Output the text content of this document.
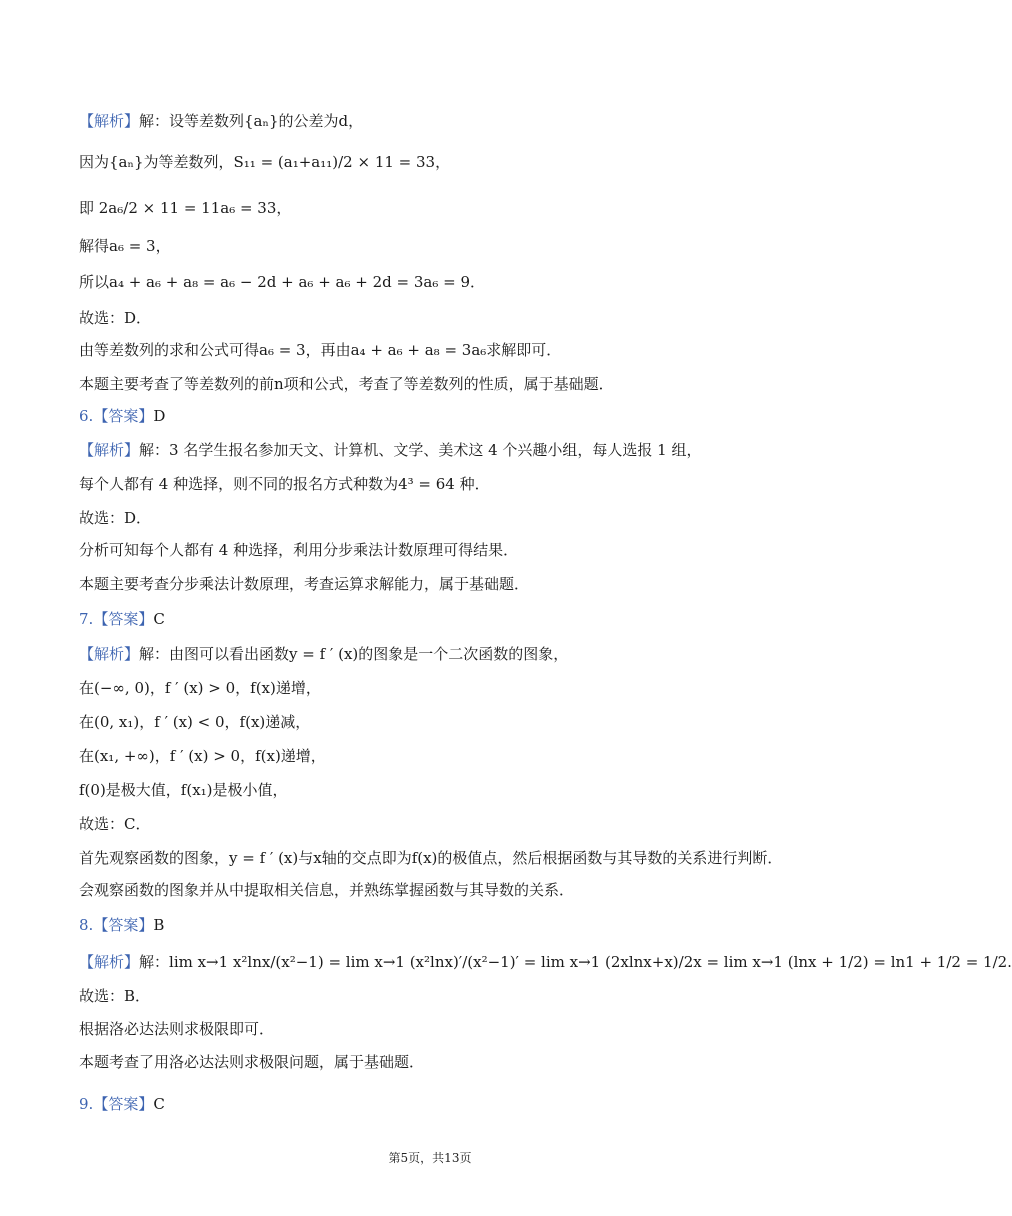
【解析】解：设等差数列{aₙ}的公差为d，
因为{aₙ}为等差数列，S₁₁ = (a₁+a₁₁)/2 × 11 = 33，
即 2a₆/2 × 11 = 11a₆ = 33，
解得a₆ = 3，
所以a₄ + a₆ + a₈ = a₆ − 2d + a₆ + a₆ + 2d = 3a₆ = 9．
故选：D．
由等差数列的求和公式可得a₆ = 3，再由a₄ + a₆ + a₈ = 3a₆求解即可．
本题主要考查了等差数列的前n项和公式，考查了等差数列的性质，属于基础题．
6.【答案】D
【解析】解：3 名学生报名参加天文、计算机、文学、美术这 4 个兴趣小组，每人选报 1 组，
每个人都有 4 种选择，则不同的报名方式种数为4³ = 64 种．
故选：D．
分析可知每个人都有 4 种选择，利用分步乘法计数原理可得结果．
本题主要考查分步乘法计数原理，考查运算求解能力，属于基础题．
7.【答案】C
【解析】解：由图可以看出函数y = f ′ (x)的图象是一个二次函数的图象，
在(−∞, 0)，f ′ (x) > 0，f(x)递增，
在(0, x₁)，f ′ (x) < 0，f(x)递减，
在(x₁, +∞)，f ′ (x) > 0，f(x)递增，
f(0)是极大值，f(x₁)是极小值，
故选：C．
首先观察函数的图象，y = f ′ (x)与x轴的交点即为f(x)的极值点，然后根据函数与其导数的关系进行判断．
会观察函数的图象并从中提取相关信息，并熟练掌握函数与其导数的关系．
8.【答案】B
【解析】解：lim x→1 x²lnx/(x²−1) = lim x→1 (x²lnx)′/(x²−1)′ = lim x→1 (2xlnx+x)/2x = lim x→1 (lnx + 1/2) = ln1 + 1/2 = 1/2.
故选：B．
根据洛必达法则求极限即可．
本题考查了用洛必达法则求极限问题，属于基础题．
9.【答案】C
第5页，共13页
